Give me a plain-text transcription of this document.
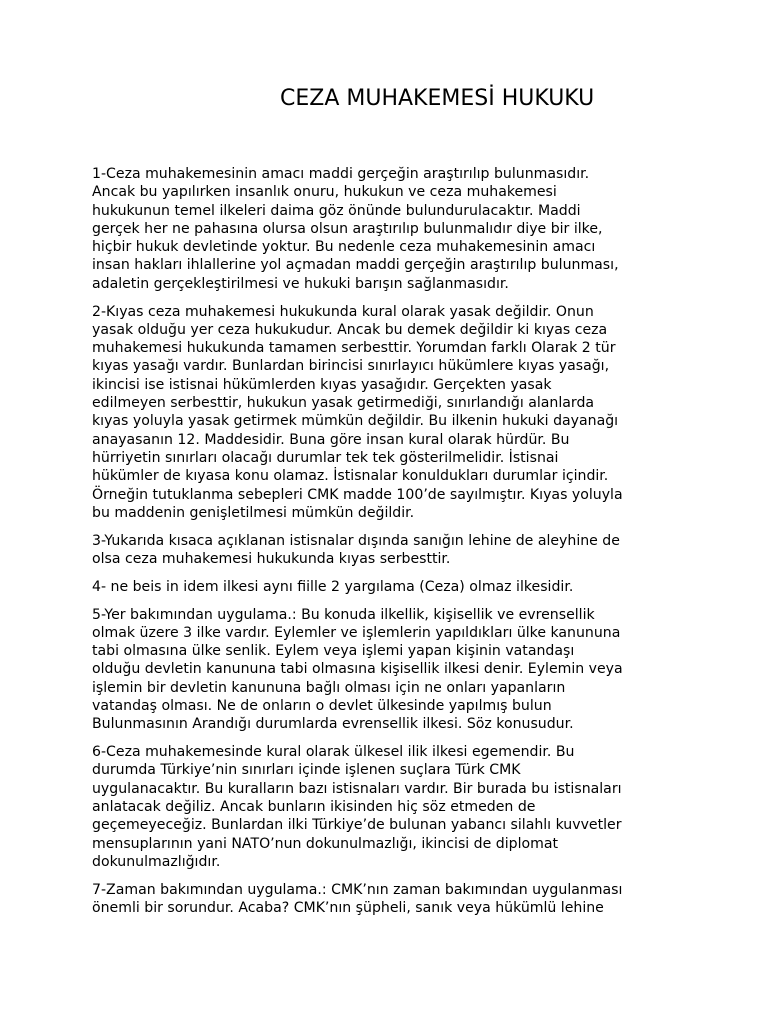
CEZA MUHAKEMESİ HUKUKU

1-Ceza muhakemesinin amacı maddi gerçeğin araştırılıp bulunmasıdır.
Ancak bu yapılırken insanlık onuru, hukukun ve ceza muhakemesi
hukukunun temel ilkeleri daima göz önünde bulundurulacaktır. Maddi
gerçek her ne pahasına olursa olsun araştırılıp bulunmalıdır diye bir ilke,
hiçbir hukuk devletinde yoktur. Bu nedenle ceza muhakemesinin amacı
insan hakları ihlallerine yol açmadan maddi gerçeğin araştırılıp bulunması,
adaletin gerçekleştirilmesi ve hukuki barışın sağlanmasıdır.

2-Kıyas ceza muhakemesi hukukunda kural olarak yasak değildir. Onun
yasak olduğu yer ceza hukukudur. Ancak bu demek değildir ki kıyas ceza
muhakemesi hukukunda tamamen serbesttir. Yorumdan farklı Olarak 2 tür
kıyas yasağı vardır. Bunlardan birincisi sınırlayıcı hükümlere kıyas yasağı,
ikincisi ise istisnai hükümlerden kıyas yasağıdır. Gerçekten yasak
edilmeyen serbesttir, hukukun yasak getirmediği, sınırlandığı alanlarda
kıyas yoluyla yasak getirmek mümkün değildir. Bu ilkenin hukuki dayanağı
anayasanın 12. Maddesidir. Buna göre insan kural olarak hürdür. Bu
hürriyetin sınırları olacağı durumlar tek tek gösterilmelidir. İstisnai
hükümler de kıyasa konu olamaz. İstisnalar konuldukları durumlar içindir.
Örneğin tutuklanma sebepleri CMK madde 100’de sayılmıştır. Kıyas yoluyla
bu maddenin genişletilmesi mümkün değildir.

3-Yukarıda kısaca açıklanan istisnalar dışında sanığın lehine de aleyhine de
olsa ceza muhakemesi hukukunda kıyas serbesttir.

4- ne beis in idem ilkesi aynı fiille 2 yargılama (Ceza) olmaz ilkesidir.

5-Yer bakımından uygulama.: Bu konuda ilkellik, kişisellik ve evrensellik
olmak üzere 3 ilke vardır. Eylemler ve işlemlerin yapıldıkları ülke kanununa
tabi olmasına ülke senlik. Eylem veya işlemi yapan kişinin vatandaşı
olduğu devletin kanununa tabi olmasına kişisellik ilkesi denir. Eylemin veya
işlemin bir devletin kanununa bağlı olması için ne onları yapanların
vatandaş olması. Ne de onların o devlet ülkesinde yapılmış bulun
Bulunmasının Arandığı durumlarda evrensellik ilkesi. Söz konusudur.

6-Ceza muhakemesinde kural olarak ülkesel ilik ilkesi egemendir. Bu
durumda Türkiye’nin sınırları içinde işlenen suçlara Türk CMK
uygulanacaktır. Bu kuralların bazı istisnaları vardır. Bir burada bu istisnaları
anlatacak değiliz. Ancak bunların ikisinden hiç söz etmeden de
geçemeyeceğiz. Bunlardan ilki Türkiye’de bulunan yabancı silahlı kuvvetler
mensuplarının yani NATO’nun dokunulmazlığı, ikincisi de diplomat
dokunulmazlığıdır.

7-Zaman bakımından uygulama.: CMK’nın zaman bakımından uygulanması
önemli bir sorundur. Acaba? CMK’nın şüpheli, sanık veya hükümlü lehine
